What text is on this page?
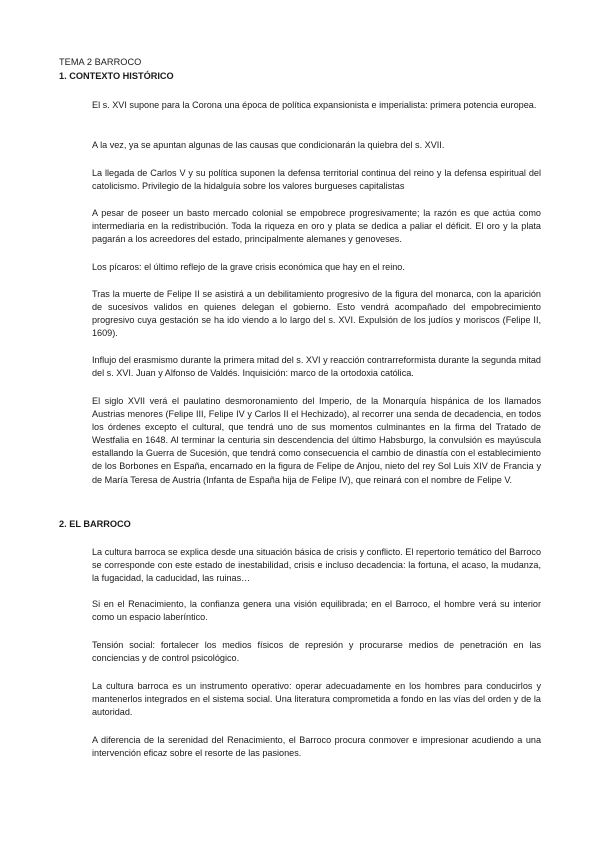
TEMA 2 BARROCO
1. CONTEXTO HISTÓRICO

El s. XVI supone para la Corona una época de política expansionista e imperialista: primera potencia europea.

A la vez, ya se apuntan algunas de las causas que condicionarán la quiebra del s. XVII.

La llegada de Carlos V y su política suponen la defensa territorial continua del reino y la defensa espiritual del catolicismo. Privilegio de la hidalguía sobre los valores burgueses capitalistas

A pesar de poseer un basto mercado colonial se empobrece progresivamente; la razón es que actúa como intermediaria en la redistribución. Toda la riqueza en oro y plata se dedica a paliar el déficit. El oro y la plata pagarán a los acreedores del estado, principalmente alemanes y genoveses.

Los pícaros: el último reflejo de la grave crisis económica que hay en el reino.

Tras la muerte de Felipe II se asistirá a un debilitamiento progresivo de la figura del monarca, con la aparición de sucesivos validos en quienes delegan el gobierno. Esto vendrá acompañado del empobrecimiento progresivo cuya gestación se ha ido viendo a lo largo del s. XVI. Expulsión de los judíos y moriscos (Felipe II, 1609).

Influjo del erasmismo durante la primera mitad del s. XVI y reacción contrarreformista durante la segunda mitad del s. XVI. Juan y Alfonso de Valdés. Inquisición: marco de la ortodoxia católica.

El siglo XVII verá el paulatino desmoronamiento del Imperio, de la Monarquía hispánica de los llamados Austrias menores (Felipe III, Felipe IV y Carlos II el Hechizado), al recorrer una senda de decadencia, en todos los órdenes excepto el cultural, que tendrá uno de sus momentos culminantes en la firma del Tratado de Westfalia en 1648. Al terminar la centuria sin descendencia del último Habsburgo, la convulsión es mayúscula estallando la Guerra de Sucesión, que tendrá como consecuencia el cambio de dinastía con el establecimiento de los Borbones en España, encarnado en la figura de Felipe de Anjou, nieto del rey Sol Luis XIV de Francia y de María Teresa de Austria (Infanta de España hija de Felipe IV), que reinará con el nombre de Felipe V.

2. EL BARROCO

La cultura barroca se explica desde una situación básica de crisis y conflicto. El repertorio temático del Barroco se corresponde con este estado de inestabilidad, crisis e incluso decadencia: la fortuna, el acaso, la mudanza, la fugacidad, la caducidad, las ruinas…

Si en el Renacimiento, la confianza genera una visión equilibrada; en el Barroco, el hombre verá su interior como un espacio laberíntico.

Tensión social: fortalecer los medios físicos de represión y procurarse medios de penetración en las conciencias y de control psicológico.

La cultura barroca es un instrumento operativo: operar adecuadamente en los hombres para conducirlos y mantenerlos integrados en el sistema social. Una literatura comprometida a fondo en las vías del orden y de la autoridad.

A diferencia de la serenidad del Renacimiento, el Barroco procura conmover e impresionar acudiendo a una intervención eficaz sobre el resorte de las pasiones.
